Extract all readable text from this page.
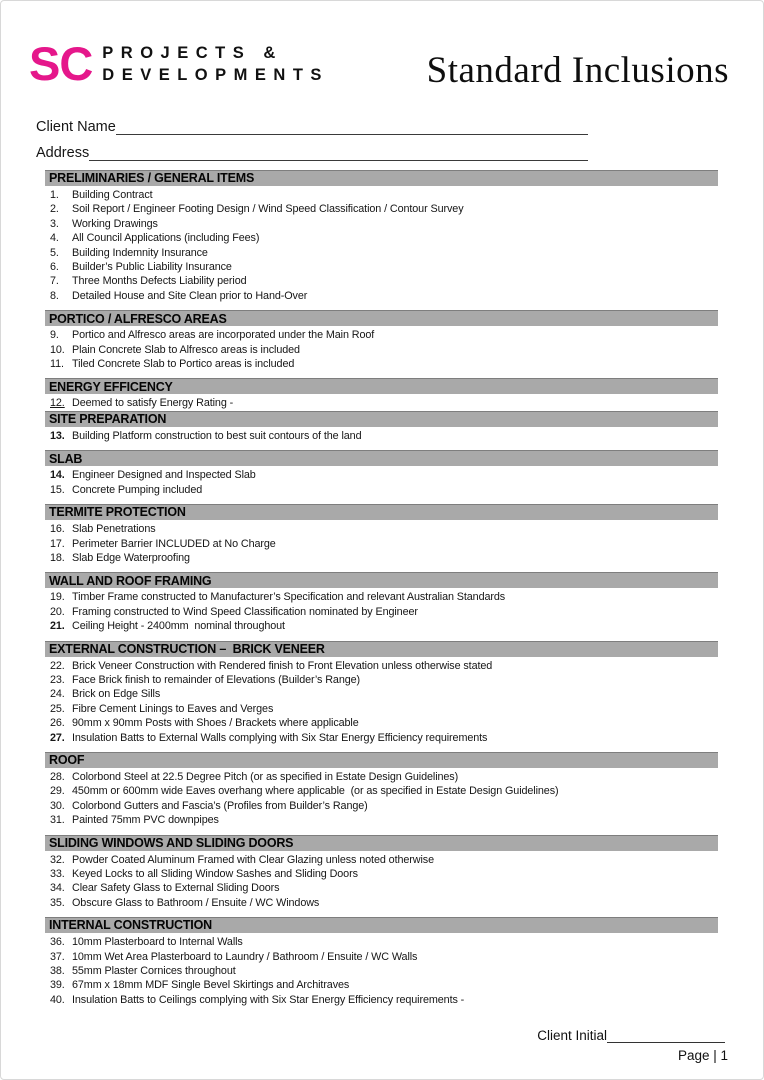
SC PROJECTS &
DEVELOPMENTS	Standard Inclusions
Client Name
Address
PRELIMINARIES / GENERAL ITEMS
1.	Building Contract
2.	Soil Report / Engineer Footing Design / Wind Speed Classification / Contour Survey
3.	Working Drawings
4.	All Council Applications (including Fees)
5.	Building Indemnity Insurance
6.	Builder’s Public Liability Insurance
7.	Three Months Defects Liability period
8.	Detailed House and Site Clean prior to Hand-Over
PORTICO / ALFRESCO AREAS
9.	Portico and Alfresco areas are incorporated under the Main Roof
10. Plain Concrete Slab to Alfresco areas is included
11. Tiled Concrete Slab to Portico areas is included
ENERGY EFFICENCY
12. Deemed to satisfy Energy Rating -
SITE PREPARATION
13. Building Platform construction to best suit contours of the land
SLAB
14. Engineer Designed and Inspected Slab
15. Concrete Pumping included
TERMITE PROTECTION
16. Slab Penetrations
17. Perimeter Barrier INCLUDED at No Charge
18. Slab Edge Waterproofing
WALL AND ROOF FRAMING
19. Timber Frame constructed to Manufacturer’s Specification and relevant Australian Standards
20. Framing constructed to Wind Speed Classification nominated by Engineer
21. Ceiling Height - 2400mm  nominal throughout
EXTERNAL CONSTRUCTION –  BRICK VENEER
22. Brick Veneer Construction with Rendered finish to Front Elevation unless otherwise stated
23. Face Brick finish to remainder of Elevations (Builder’s Range)
24. Brick on Edge Sills
25. Fibre Cement Linings to Eaves and Verges
26. 90mm x 90mm Posts with Shoes / Brackets where applicable
27. Insulation Batts to External Walls complying with Six Star Energy Efficiency requirements
ROOF
28. Colorbond Steel at 22.5 Degree Pitch (or as specified in Estate Design Guidelines)
29. 450mm or 600mm wide Eaves overhang where applicable  (or as specified in Estate Design Guidelines)
30. Colorbond Gutters and Fascia’s (Profiles from Builder’s Range)
31. Painted 75mm PVC downpipes
SLIDING WINDOWS AND SLIDING DOORS
32. Powder Coated Aluminum Framed with Clear Glazing unless noted otherwise
33. Keyed Locks to all Sliding Window Sashes and Sliding Doors
34. Clear Safety Glass to External Sliding Doors
35. Obscure Glass to Bathroom / Ensuite / WC Windows
INTERNAL CONSTRUCTION
36. 10mm Plasterboard to Internal Walls
37. 10mm Wet Area Plasterboard to Laundry / Bathroom / Ensuite / WC Walls
38. 55mm Plaster Cornices throughout
39. 67mm x 18mm MDF Single Bevel Skirtings and Architraves
40. Insulation Batts to Ceilings complying with Six Star Energy Efficiency requirements -
Client Initial
Page | 1
